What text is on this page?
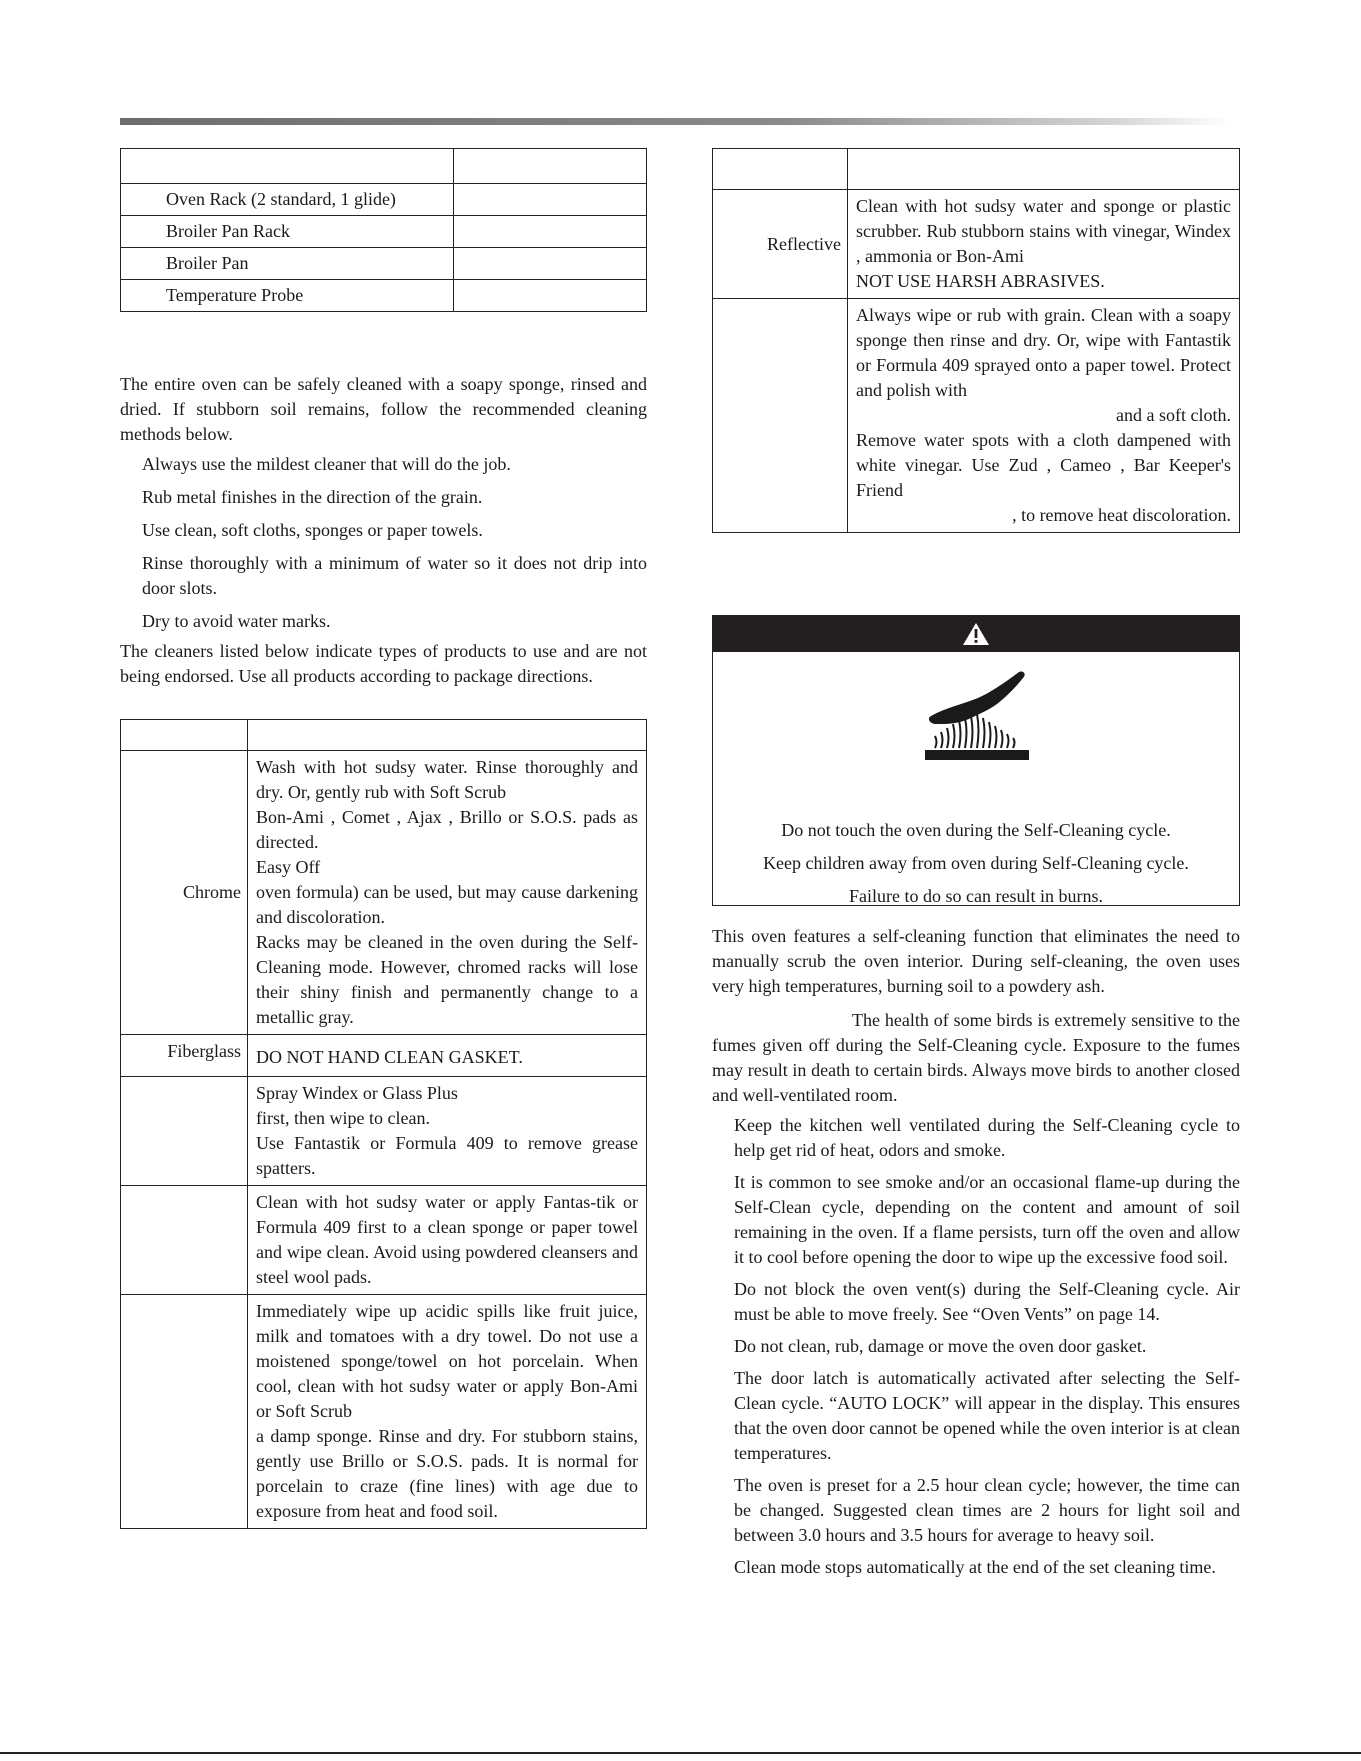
Oven Rack (2 standard, 1 glide)	
Broiler Pan Rack	
Broiler Pan	
Temperature Probe	

The entire oven can be safely cleaned with a soapy sponge, rinsed and dried. If stubborn soil remains, follow the recommended cleaning methods below.

Always use the mildest cleaner that will do the job.

Rub metal finishes in the direction of the grain.

Use clean, soft cloths, sponges or paper towels.

Rinse thoroughly with a minimum of water so it does not drip into door slots.

Dry to avoid water marks.

The cleaners listed below indicate types of products to use and are not being endorsed. Use all products according to package directions.

Chrome	Wash with hot sudsy water. Rinse thoroughly and dry. Or, gently rub with Soft Scrub
Bon-Ami , Comet , Ajax , Brillo or S.O.S. pads as directed.
Easy Off
oven formula) can be used, but may cause darkening and discoloration.
Racks may be cleaned in the oven during the Self-Cleaning mode. However, chromed racks will lose their shiny finish and permanently change to a metallic gray.

Fiberglass	DO NOT HAND CLEAN GASKET.

	Spray Windex or Glass Plus
first, then wipe to clean.
Use Fantastik or Formula 409 to remove grease spatters.

	Clean with hot sudsy water or apply Fantas-tik or Formula 409 first to a clean sponge or paper towel and wipe clean. Avoid using powdered cleansers and steel wool pads.

	Immediately wipe up acidic spills like fruit juice, milk and tomatoes with a dry towel. Do not use a moistened sponge/towel on hot porcelain. When cool, clean with hot sudsy water or apply Bon-Ami or Soft Scrub
a damp sponge. Rinse and dry. For stubborn stains, gently use Brillo or S.O.S. pads. It is normal for porcelain to craze (fine lines) with age due to exposure from heat and food soil.

Reflective	Clean with hot sudsy water and sponge or plastic scrubber. Rub stubborn stains with vinegar, Windex , ammonia or Bon-Ami
NOT USE HARSH ABRASIVES.

	Always wipe or rub with grain. Clean with a soapy sponge then rinse and dry. Or, wipe with Fantastik or Formula 409 sprayed onto a paper towel. Protect and polish with
and a soft cloth.
Remove water spots with a cloth dampened with white vinegar. Use Zud , Cameo , Bar Keeper's Friend
, to remove heat discoloration.
Do not touch the oven during the Self-Cleaning cycle.
Keep children away from oven during Self-Cleaning cycle.
Failure to do so can result in burns.

This oven features a self-cleaning function that eliminates the need to manually scrub the oven interior. During self-cleaning, the oven uses very high temperatures, burning soil to a powdery ash.

The health of some birds is extremely sensitive to the fumes given off during the Self-Cleaning cycle. Exposure to the fumes may result in death to certain birds. Always move birds to another closed and well-ventilated room.

Keep the kitchen well ventilated during the Self-Cleaning cycle to help get rid of heat, odors and smoke.

It is common to see smoke and/or an occasional flame-up during the Self-Clean cycle, depending on the content and amount of soil remaining in the oven. If a flame persists, turn off the oven and allow it to cool before opening the door to wipe up the excessive food soil.

Do not block the oven vent(s) during the Self-Cleaning cycle. Air must be able to move freely. See “Oven Vents” on page 14.

Do not clean, rub, damage or move the oven door gasket.

The door latch is automatically activated after selecting the Self-Clean cycle. “AUTO LOCK” will appear in the display. This ensures that the oven door cannot be opened while the oven interior is at clean temperatures.

The oven is preset for a 2.5 hour clean cycle; however, the time can be changed. Suggested clean times are 2 hours for light soil and between 3.0 hours and 3.5 hours for average to heavy soil.

Clean mode stops automatically at the end of the set cleaning time.
